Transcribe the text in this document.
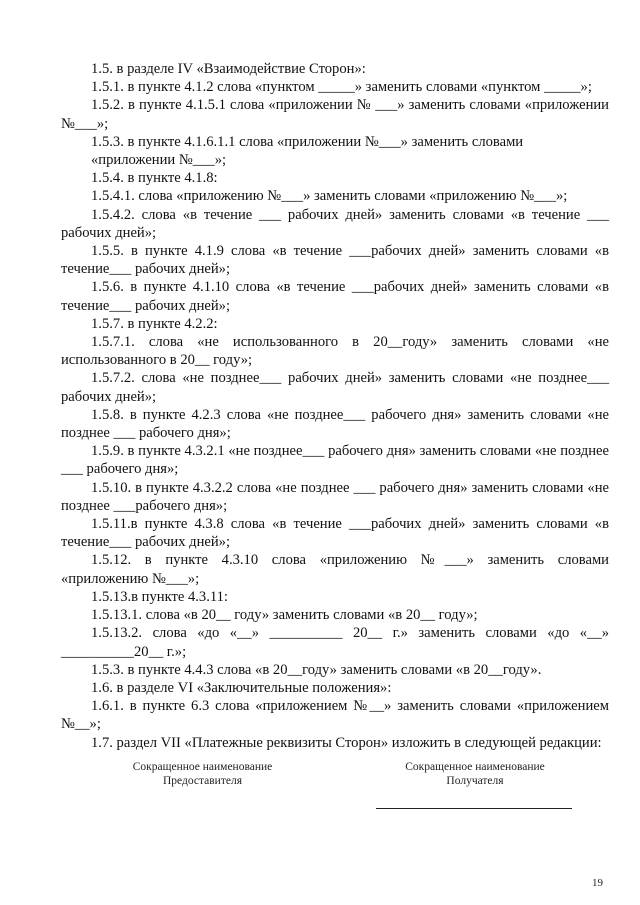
1.5. в разделе IV «Взаимодействие Сторон»:

1.5.1. в пункте 4.1.2 слова «пунктом _____» заменить словами «пунктом _____»;

1.5.2. в пункте 4.1.5.1 слова «приложении № ___» заменить словами «приложении №___»;

1.5.3. в пункте 4.1.6.1.1 слова «приложении №___» заменить словами «приложении №___»;

1.5.4. в пункте 4.1.8:

1.5.4.1. слова «приложению №___» заменить словами «приложению №___»;

1.5.4.2. слова «в течение ___ рабочих дней» заменить словами «в течение ___ рабочих дней»;

1.5.5. в пункте 4.1.9 слова «в течение ___рабочих дней» заменить словами «в течение___ рабочих дней»;

1.5.6. в пункте 4.1.10 слова «в течение ___рабочих дней» заменить словами «в течение___ рабочих дней»;

1.5.7. в пункте 4.2.2:

1.5.7.1. слова «не использованного в 20__году» заменить словами «не использованного в 20__ году»;

1.5.7.2. слова «не позднее___ рабочих дней» заменить словами «не позднее___ рабочих дней»;

1.5.8. в пункте 4.2.3 слова «не позднее___ рабочего дня» заменить словами «не позднее ___ рабочего дня»;

1.5.9. в пункте 4.3.2.1 «не позднее___ рабочего дня» заменить словами «не позднее ___ рабочего дня»;

1.5.10. в пункте 4.3.2.2 слова «не позднее ___ рабочего дня» заменить словами «не позднее ___рабочего дня»;

1.5.11.в пункте 4.3.8 слова «в течение ___рабочих дней» заменить словами «в течение___ рабочих дней»;

1.5.12. в пункте 4.3.10 слова «приложению №___» заменить словами «приложению №___»;

1.5.13.в пункте 4.3.11:

1.5.13.1. слова «в 20__ году» заменить словами «в 20__ году»;

1.5.13.2. слова «до «__» __________ 20__ г.» заменить словами «до «__» __________20__ г.»;

1.5.3. в пункте 4.4.3 слова «в 20__году» заменить словами «в 20__году».

1.6. в разделе VI «Заключительные положения»:

1.6.1. в пункте 6.3 слова «приложением №__» заменить словами «приложением №__»;

1.7. раздел VII «Платежные реквизиты Сторон» изложить в следующей редакции:

Сокращенное наименование
Предоставителя
Сокращенное наименование
Получателя
19
